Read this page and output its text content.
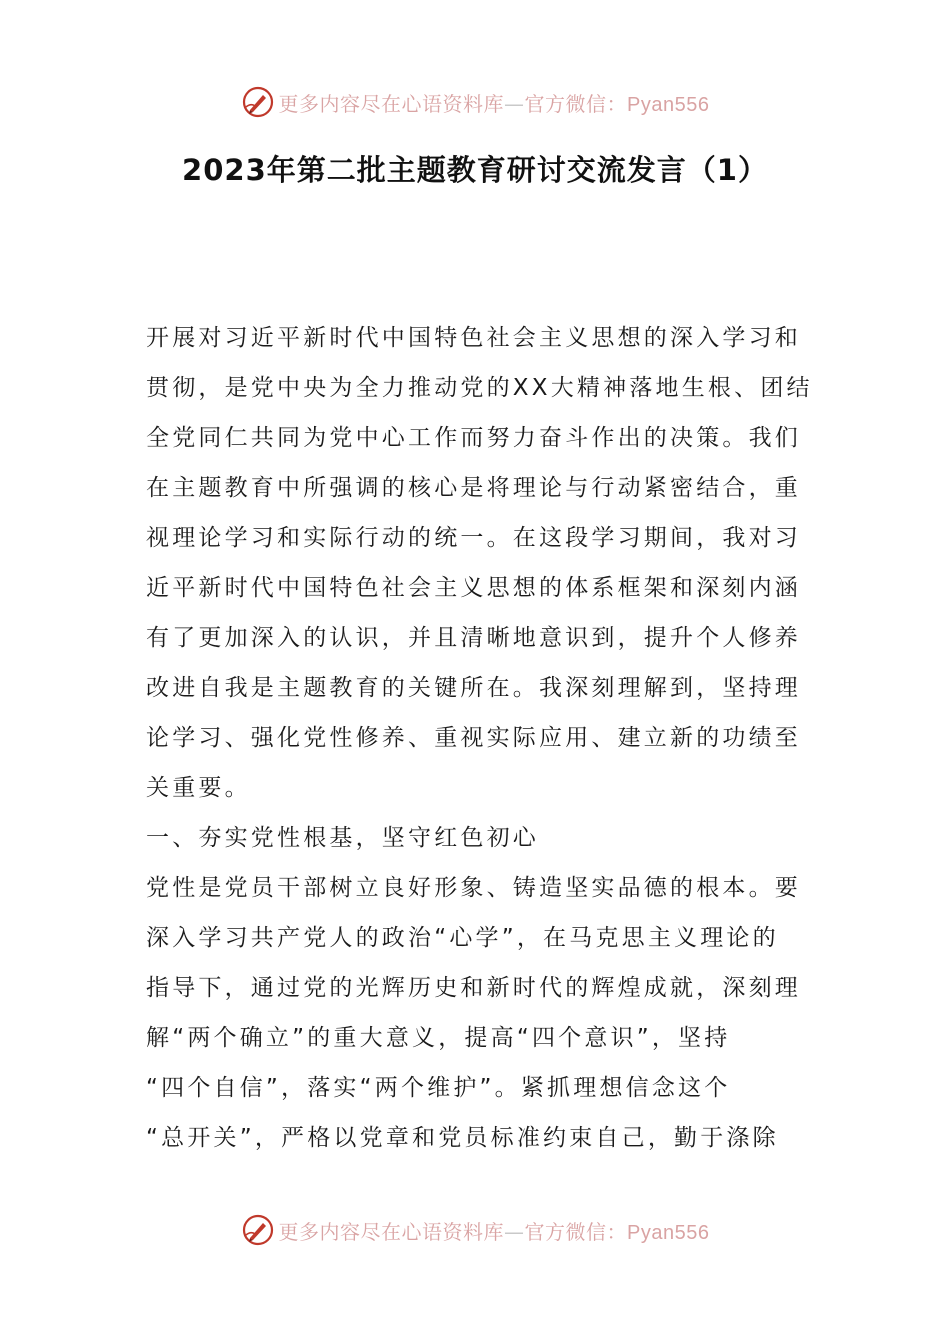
更多内容尽在心语资料库—官方微信：Pyan556
2023年第二批主题教育研讨交流发言（1）

开展对习近平新时代中国特色社会主义思想的深入学习和
贯彻，是党中央为全力推动党的XX大精神落地生根、团结
全党同仁共同为党中心工作而努力奋斗作出的决策。我们
在主题教育中所强调的核心是将理论与行动紧密结合，重
视理论学习和实际行动的统一。在这段学习期间，我对习
近平新时代中国特色社会主义思想的体系框架和深刻内涵
有了更加深入的认识，并且清晰地意识到，提升个人修养
改进自我是主题教育的关键所在。我深刻理解到，坚持理
论学习、强化党性修养、重视实际应用、建立新的功绩至
关重要。

一、夯实党性根基，坚守红色初心

党性是党员干部树立良好形象、铸造坚实品德的根本。要
深入学习共产党人的政治“心学”，在马克思主义理论的
指导下，通过党的光辉历史和新时代的辉煌成就，深刻理
解“两个确立”的重大意义，提高“四个意识”，坚持
“四个自信”，落实“两个维护”。紧抓理想信念这个
“总开关”，严格以党章和党员标准约束自己，勤于涤除

更多内容尽在心语资料库—官方微信：Pyan556
